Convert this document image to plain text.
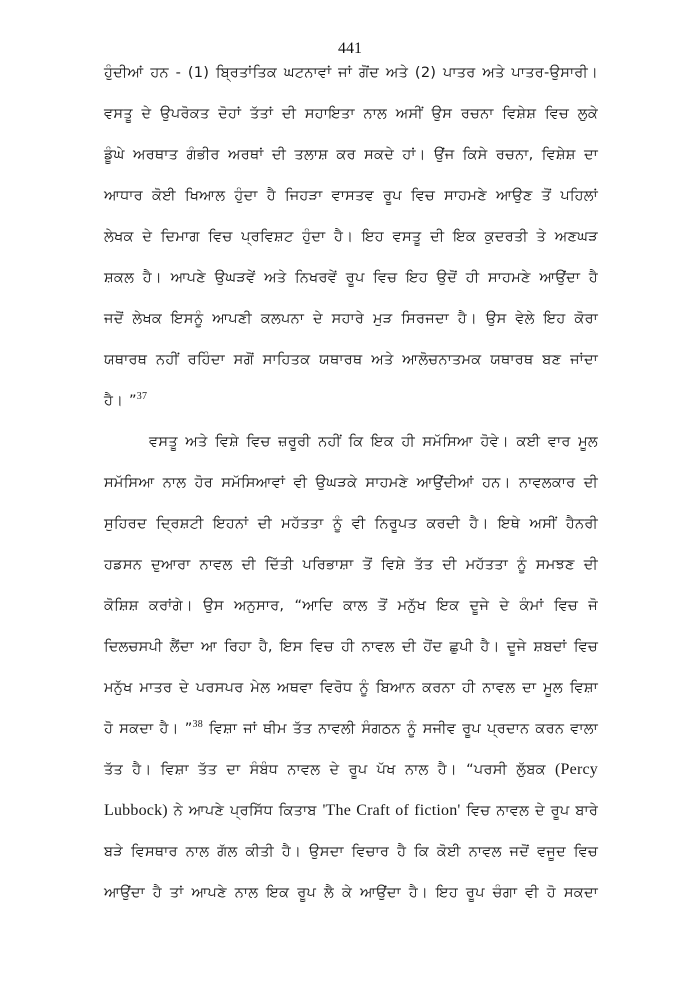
441
ਹੁੰਦੀਆਂ ਹਨ - (1) ਬ੍ਰਿਤਾਂਤਿਕ ਘਟਨਾਵਾਂ ਜਾਂ ਗੋਂਦ ਅਤੇ (2) ਪਾਤਰ ਅਤੇ ਪਾਤਰ-ਉਸਾਰੀ।
ਵਸਤੂ ਦੇ ਉਪਰੋਕਤ ਦੋਹਾਂ ਤੱਤਾਂ ਦੀ ਸਹਾਇਤਾ ਨਾਲ ਅਸੀਂ ਉਸ ਰਚਨਾ ਵਿਸ਼ੇਸ਼ ਵਿਚ ਲੁਕੇ
ਡੂੰਘੇ ਅਰਥਾਤ ਗੰਭੀਰ ਅਰਥਾਂ ਦੀ ਤਲਾਸ਼ ਕਰ ਸਕਦੇ ਹਾਂ। ਉਂਜ ਕਿਸੇ ਰਚਨਾ, ਵਿਸ਼ੇਸ਼ ਦਾ
ਆਧਾਰ ਕੋਈ ਖਿਆਲ ਹੁੰਦਾ ਹੈ ਜਿਹੜਾ ਵਾਸਤਵ ਰੂਪ ਵਿਚ ਸਾਹਮਣੇ ਆਉਣ ਤੋਂ ਪਹਿਲਾਂ
ਲੇਖਕ ਦੇ ਦਿਮਾਗ ਵਿਚ ਪ੍ਰਵਿਸ਼ਟ ਹੁੰਦਾ ਹੈ। ਇਹ ਵਸਤੂ ਦੀ ਇਕ ਕੁਦਰਤੀ ਤੇ ਅਣਘੜ
ਸ਼ਕਲ ਹੈ। ਆਪਣੇ ਉਘੜਵੇਂ ਅਤੇ ਨਿਖਰਵੇਂ ਰੂਪ ਵਿਚ ਇਹ ਉਦੋਂ ਹੀ ਸਾਹਮਣੇ ਆਉਂਦਾ ਹੈ
ਜਦੋਂ ਲੇਖਕ ਇਸਨੂੰ ਆਪਣੀ ਕਲਪਨਾ ਦੇ ਸਹਾਰੇ ਮੁੜ ਸਿਰਜਦਾ ਹੈ। ਉਸ ਵੇਲੇ ਇਹ ਕੋਰਾ
ਯਥਾਰਥ ਨਹੀਂ ਰਹਿੰਦਾ ਸਗੋਂ ਸਾਹਿਤਕ ਯਥਾਰਥ ਅਤੇ ਆਲੋਚਨਾਤਮਕ ਯਥਾਰਥ ਬਣ ਜਾਂਦਾ
ਹੈ। ”$^{37}$
ਵਸਤੂ ਅਤੇ ਵਿਸ਼ੇ ਵਿਚ ਜ਼ਰੂਰੀ ਨਹੀਂ ਕਿ ਇਕ ਹੀ ਸਮੱਸਿਆ ਹੋਵੇ। ਕਈ ਵਾਰ ਮੂਲ
ਸਮੱਸਿਆ ਨਾਲ ਹੋਰ ਸਮੱਸਿਆਵਾਂ ਵੀ ਉਘੜਕੇ ਸਾਹਮਣੇ ਆਉਂਦੀਆਂ ਹਨ। ਨਾਵਲਕਾਰ ਦੀ
ਸੁਹਿਰਦ ਦ੍ਰਿਸ਼ਟੀ ਇਹਨਾਂ ਦੀ ਮਹੱਤਤਾ ਨੂੰ ਵੀ ਨਿਰੂਪਤ ਕਰਦੀ ਹੈ। ਇਥੇ ਅਸੀਂ ਹੈਨਰੀ
ਹਡਸਨ ਦੁਆਰਾ ਨਾਵਲ ਦੀ ਦਿੱਤੀ ਪਰਿਭਾਸ਼ਾ ਤੋਂ ਵਿਸ਼ੇ ਤੱਤ ਦੀ ਮਹੱਤਤਾ ਨੂੰ ਸਮਝਣ ਦੀ
ਕੋਸ਼ਿਸ਼ ਕਰਾਂਗੇ। ਉਸ ਅਨੁਸਾਰ, “ਆਦਿ ਕਾਲ ਤੋਂ ਮਨੁੱਖ ਇਕ ਦੂਜੇ ਦੇ ਕੰਮਾਂ ਵਿਚ ਜੋ
ਦਿਲਚਸਪੀ ਲੈਂਦਾ ਆ ਰਿਹਾ ਹੈ, ਇਸ ਵਿਚ ਹੀ ਨਾਵਲ ਦੀ ਹੋਂਦ ਛੁਪੀ ਹੈ। ਦੂਜੇ ਸ਼ਬਦਾਂ ਵਿਚ
ਮਨੁੱਖ ਮਾਤਰ ਦੇ ਪਰਸਪਰ ਮੇਲ ਅਥਵਾ ਵਿਰੋਧ ਨੂੰ ਬਿਆਨ ਕਰਨਾ ਹੀ ਨਾਵਲ ਦਾ ਮੂਲ ਵਿਸ਼ਾ
ਹੋ ਸਕਦਾ ਹੈ। ”$^{38}$ ਵਿਸ਼ਾ ਜਾਂ ਥੀਮ ਤੱਤ ਨਾਵਲੀ ਸੰਗਠਨ ਨੂੰ ਸਜੀਵ ਰੂਪ ਪ੍ਰਦਾਨ ਕਰਨ ਵਾਲਾ
ਤੱਤ ਹੈ। ਵਿਸ਼ਾ ਤੱਤ ਦਾ ਸੰਬੰਧ ਨਾਵਲ ਦੇ ਰੂਪ ਪੱਖ ਨਾਲ ਹੈ। “ਪਰਸੀ ਲੁੱਬਕ (Percy
Lubbock) ਨੇ ਆਪਣੇ ਪ੍ਰਸਿੱਧ ਕਿਤਾਬ 'The Craft of fiction' ਵਿਚ ਨਾਵਲ ਦੇ ਰੂਪ ਬਾਰੇ
ਬੜੇ ਵਿਸਥਾਰ ਨਾਲ ਗੱਲ ਕੀਤੀ ਹੈ। ਉਸਦਾ ਵਿਚਾਰ ਹੈ ਕਿ ਕੋਈ ਨਾਵਲ ਜਦੋਂ ਵਜੂਦ ਵਿਚ
ਆਉਂਦਾ ਹੈ ਤਾਂ ਆਪਣੇ ਨਾਲ ਇਕ ਰੂਪ ਲੈ ਕੇ ਆਉਂਦਾ ਹੈ। ਇਹ ਰੂਪ ਚੰਗਾ ਵੀ ਹੋ ਸਕਦਾ
